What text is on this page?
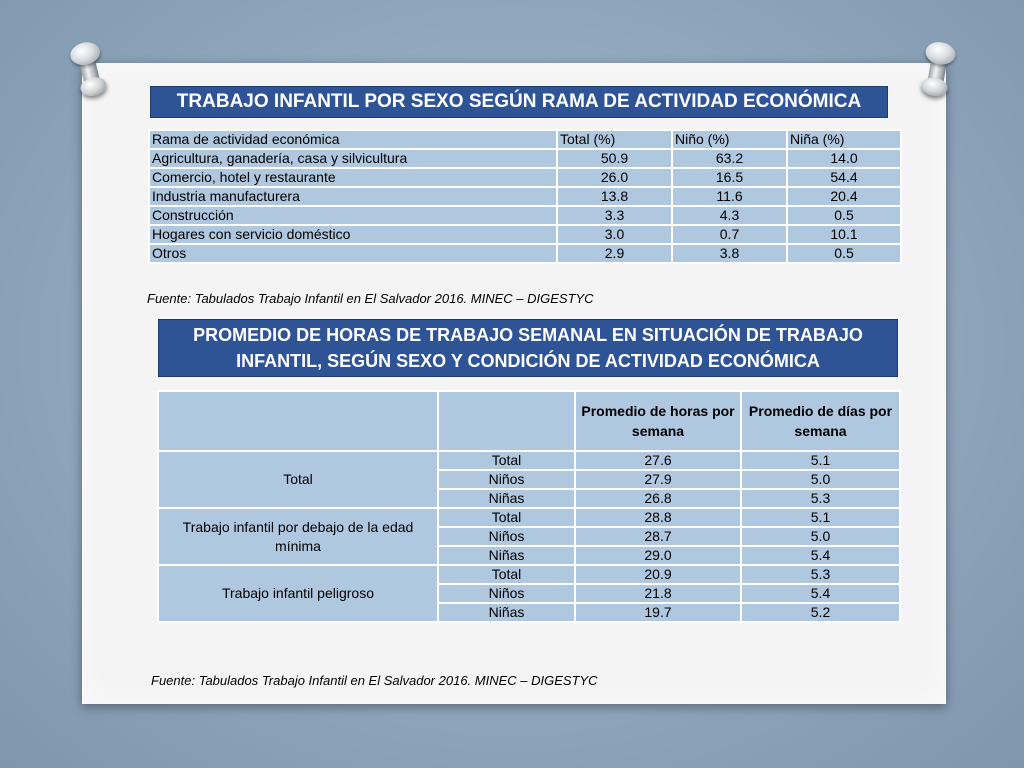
TRABAJO INFANTIL POR SEXO SEGÚN RAMA DE ACTIVIDAD ECONÓMICA
Rama de actividad económica	Total (%)	Niño (%)	Niña (%)
Agricultura, ganadería, casa y silvicultura	50.9	63.2	14.0
Comercio, hotel y restaurante	26.0	16.5	54.4
Industria manufacturera	13.8	11.6	20.4
Construcción	3.3	4.3	0.5
Hogares con servicio doméstico	3.0	0.7	10.1
Otros	2.9	3.8	0.5
Fuente: Tabulados Trabajo Infantil en El Salvador 2016. MINEC – DIGESTYC
PROMEDIO DE HORAS DE TRABAJO SEMANAL EN SITUACIÓN DE TRABAJO INFANTIL, SEGÚN SEXO Y CONDICIÓN DE ACTIVIDAD ECONÓMICA
		Promedio de horas por semana	Promedio de días por semana
Total	Total	27.6	5.1
	Niños	27.9	5.0
	Niñas	26.8	5.3
Trabajo infantil por debajo de la edad mínima	Total	28.8	5.1
	Niños	28.7	5.0
	Niñas	29.0	5.4
Trabajo infantil peligroso	Total	20.9	5.3
	Niños	21.8	5.4
	Niñas	19.7	5.2
Fuente: Tabulados Trabajo Infantil en El Salvador 2016. MINEC – DIGESTYC
